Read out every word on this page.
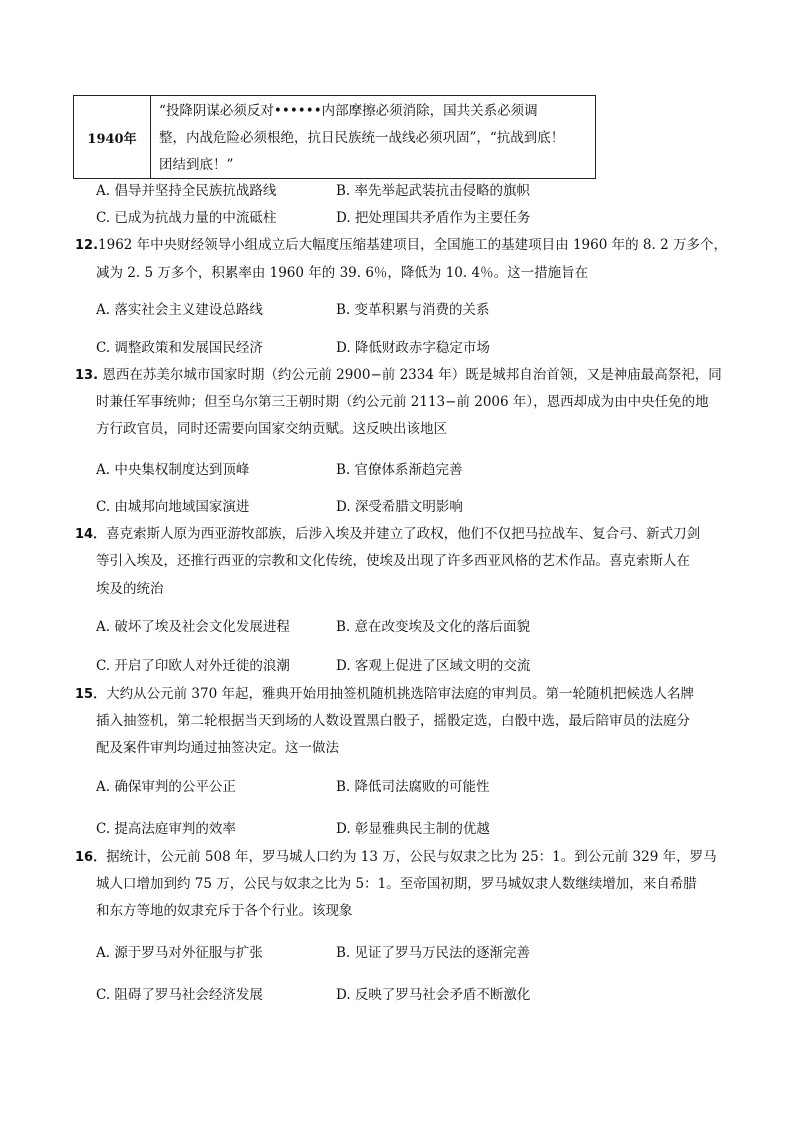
1940年
“投降阴谋必须反对••••••内部摩擦必须消除，国共关系必须调
整，内战危险必须根绝，抗日民族统一战线必须巩固”，“抗战到底！
团结到底！”
A. 倡导并坚持全民族抗战路线	B. 率先举起武装抗击侵略的旗帜
C. 已成为抗战力量的中流砥柱	D. 把处理国共矛盾作为主要任务
12.1962 年中央财经领导小组成立后大幅度压缩基建项目，全国施工的基建项目由 1960 年的 8. 2 万多个，
减为 2. 5 万多个，积累率由 1960 年的 39. 6％，降低为 10. 4％。这一措施旨在
A. 落实社会主义建设总路线	B. 变革积累与消费的关系
C. 调整政策和发展国民经济	D. 降低财政赤字稳定市场
13. 恩西在苏美尔城市国家时期（约公元前 2900−前 2334 年）既是城邦自治首领，又是神庙最高祭祀，同
时兼任军事统帅；但至乌尔第三王朝时期（约公元前 2113−前 2006 年），恩西却成为由中央任免的地
方行政官员，同时还需要向国家交纳贡赋。这反映出该地区
A. 中央集权制度达到顶峰	B. 官僚体系渐趋完善
C. 由城邦向地域国家演进	D. 深受希腊文明影响
14．喜克索斯人原为西亚游牧部族，后涉入埃及并建立了政权，他们不仅把马拉战车、复合弓、新式刀剑
等引入埃及，还推行西亚的宗教和文化传统，使埃及出现了许多西亚风格的艺术作品。喜克索斯人在
埃及的统治
A. 破坏了埃及社会文化发展进程	B. 意在改变埃及文化的落后面貌
C. 开启了印欧人对外迁徙的浪潮	D. 客观上促进了区域文明的交流
15．大约从公元前 370 年起，雅典开始用抽签机随机挑选陪审法庭的审判员。第一轮随机把候选人名牌
插入抽签机，第二轮根据当天到场的人数设置黑白骰子，摇骰定选，白骰中选，最后陪审员的法庭分
配及案件审判均通过抽签决定。这一做法
A. 确保审判的公平公正	B. 降低司法腐败的可能性
C. 提高法庭审判的效率	D. 彰显雅典民主制的优越
16．据统计，公元前 508 年，罗马城人口约为 13 万，公民与奴隶之比为 25：1。到公元前 329 年，罗马
城人口增加到约 75 万，公民与奴隶之比为 5：1。至帝国初期，罗马城奴隶人数继续增加，来自希腊
和东方等地的奴隶充斥于各个行业。该现象
A. 源于罗马对外征服与扩张	B. 见证了罗马万民法的逐渐完善
C. 阻碍了罗马社会经济发展	D. 反映了罗马社会矛盾不断激化
